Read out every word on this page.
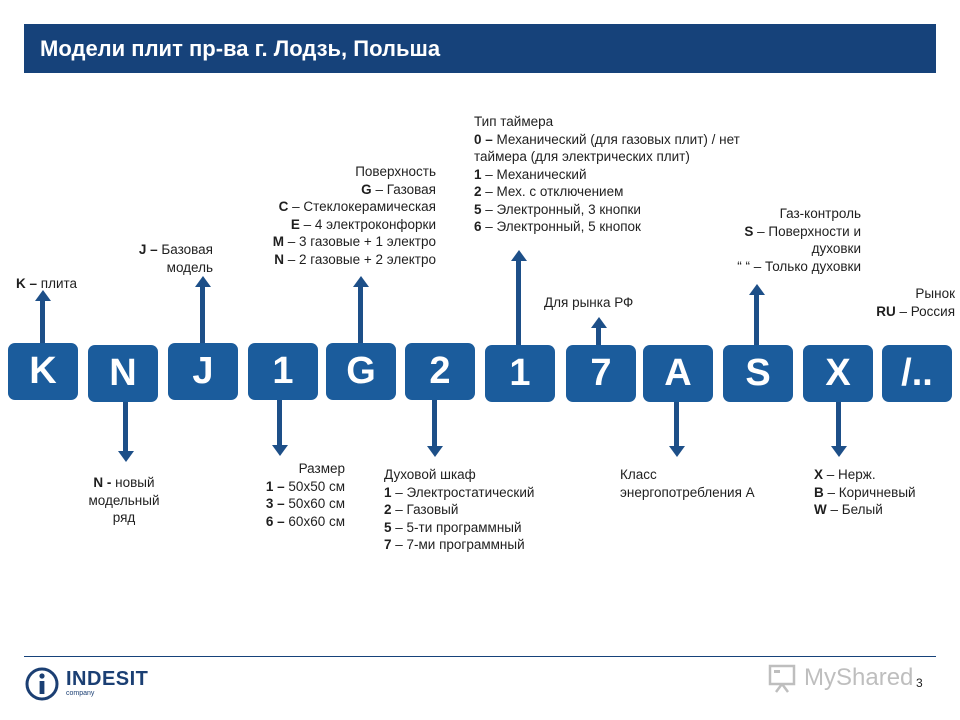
Модели плит пр-ва г. Лодзь, Польша
K	N	J	1	G	2	1	7	A	S	X	/..
K – плита
N - новый
модельный
ряд
J – Базовая
модель
Размер
1 – 50х50 см
3 – 50х60 см
6 – 60х60 см
Поверхность
G – Газовая
C – Стеклокерамическая
E – 4 электроконфорки
M – 3 газовые + 1 электро
N – 2 газовые + 2 электро
Духовой шкаф
1 – Электростатический
2 – Газовый
5 – 5-ти программный
7 – 7-ми программный
Тип таймера
0 – Механический (для газовых плит) / нет
таймера (для электрических плит)
1 – Механический
2 – Мех. с отключением
5 – Электронный, 3 кнопки
6 – Электронный, 5 кнопок
Для рынка РФ
Класс
энергопотребления А
Газ-контроль
S – Поверхности и
духовки
“ “ – Только духовки
X – Нерж.
B – Коричневый
W – Белый
Рынок
RU – Россия
INDESIT
company
MyShared 3
